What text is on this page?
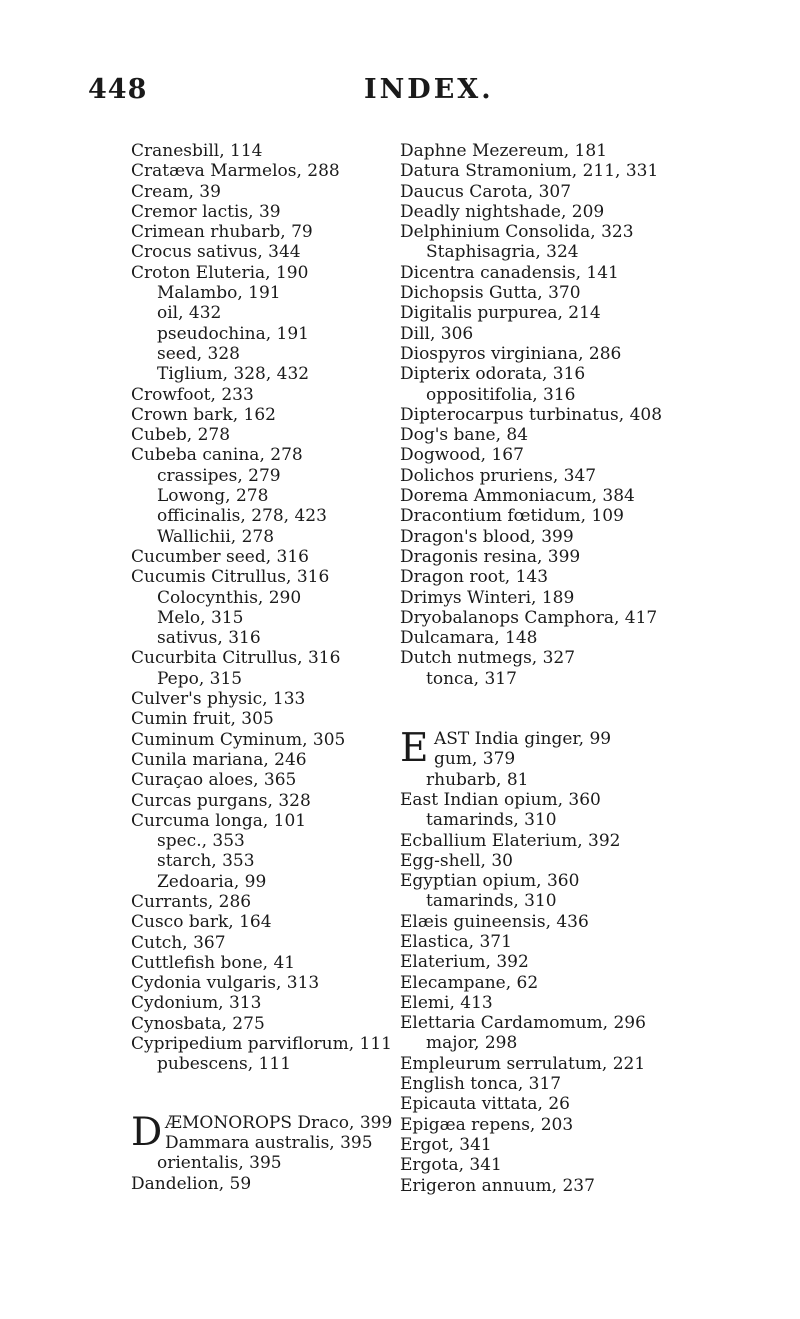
448	INDEX.
Cranesbill, 114
Cratæva Marmelos, 288
Cream, 39
Cremor lactis, 39
Crimean rhubarb, 79
Crocus sativus, 344
Croton Eluteria, 190
Malambo, 191
oil, 432
pseudochina, 191
seed, 328
Tiglium, 328, 432
Crowfoot, 233
Crown bark, 162
Cubeb, 278
Cubeba canina, 278
crassipes, 279
Lowong, 278
officinalis, 278, 423
Wallichii, 278
Cucumber seed, 316
Cucumis Citrullus, 316
Colocynthis, 290
Melo, 315
sativus, 316
Cucurbita Citrullus, 316
Pepo, 315
Culver's physic, 133
Cumin fruit, 305
Cuminum Cyminum, 305
Cunila mariana, 246
Curaçao aloes, 365
Curcas purgans, 328
Curcuma longa, 101
spec., 353
starch, 353
Zedoaria, 99
Currants, 286
Cusco bark, 164
Cutch, 367
Cuttlefish bone, 41
Cydonia vulgaris, 313
Cydonium, 313
Cynosbata, 275
Cypripedium parviflorum, 111
pubescens, 111
D ÆMONOROPS Draco, 399
Dammara australis, 395
orientalis, 395
Dandelion, 59
Daphne Mezereum, 181
Datura Stramonium, 211, 331
Daucus Carota, 307
Deadly nightshade, 209
Delphinium Consolida, 323
Staphisagria, 324
Dicentra canadensis, 141
Dichopsis Gutta, 370
Digitalis purpurea, 214
Dill, 306
Diospyros virginiana, 286
Dipterix odorata, 316
oppositifolia, 316
Dipterocarpus turbinatus, 408
Dog's bane, 84
Dogwood, 167
Dolichos pruriens, 347
Dorema Ammoniacum, 384
Dracontium fœtidum, 109
Dragon's blood, 399
Dragonis resina, 399
Dragon root, 143
Drimys Winteri, 189
Dryobalanops Camphora, 417
Dulcamara, 148
Dutch nutmegs, 327
tonca, 317
E AST India ginger, 99
gum, 379
rhubarb, 81
East Indian opium, 360
tamarinds, 310
Ecballium Elaterium, 392
Egg-shell, 30
Egyptian opium, 360
tamarinds, 310
Elæis guineensis, 436
Elastica, 371
Elaterium, 392
Elecampane, 62
Elemi, 413
Elettaria Cardamomum, 296
major, 298
Empleurum serrulatum, 221
English tonca, 317
Epicauta vittata, 26
Epigæa repens, 203
Ergot, 341
Ergota, 341
Erigeron annuum, 237
